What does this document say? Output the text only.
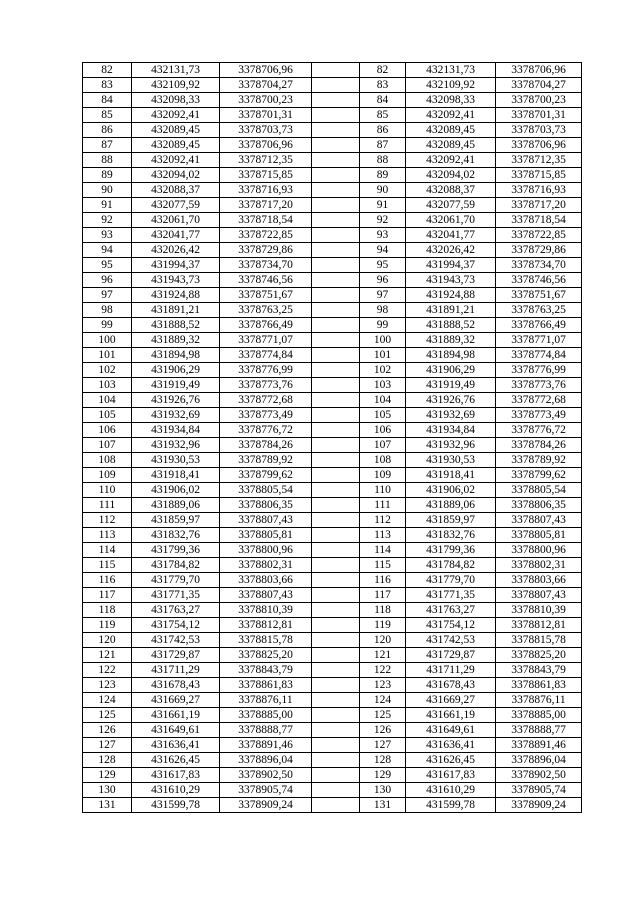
82	432131,73	3378706,96	
83	432109,92	3378704,27	
84	432098,33	3378700,23	
85	432092,41	3378701,31	
86	432089,45	3378703,73	
87	432089,45	3378706,96	
88	432092,41	3378712,35	
89	432094,02	3378715,85	
90	432088,37	3378716,93	
91	432077,59	3378717,20	
92	432061,70	3378718,54	
93	432041,77	3378722,85	
94	432026,42	3378729,86	
95	431994,37	3378734,70	
96	431943,73	3378746,56	
97	431924,88	3378751,67	
98	431891,21	3378763,25	
99	431888,52	3378766,49	
100	431889,32	3378771,07	
101	431894,98	3378774,84	
102	431906,29	3378776,99	
103	431919,49	3378773,76	
104	431926,76	3378772,68	
105	431932,69	3378773,49	
106	431934,84	3378776,72	
107	431932,96	3378784,26	
108	431930,53	3378789,92	
109	431918,41	3378799,62	
110	431906,02	3378805,54	
111	431889,06	3378806,35	
112	431859,97	3378807,43	
113	431832,76	3378805,81	
114	431799,36	3378800,96	
115	431784,82	3378802,31	
116	431779,70	3378803,66	
117	431771,35	3378807,43	
118	431763,27	3378810,39	
119	431754,12	3378812,81	
120	431742,53	3378815,78	
121	431729,87	3378825,20	
122	431711,29	3378843,79	
123	431678,43	3378861,83	
124	431669,27	3378876,11	
125	431661,19	3378885,00	
126	431649,61	3378888,77	
127	431636,41	3378891,46	
128	431626,45	3378896,04	
129	431617,83	3378902,50	
130	431610,29	3378905,74	
131	431599,78	3378909,24	
82	432131,73	3378706,96
83	432109,92	3378704,27
84	432098,33	3378700,23
85	432092,41	3378701,31
86	432089,45	3378703,73
87	432089,45	3378706,96
88	432092,41	3378712,35
89	432094,02	3378715,85
90	432088,37	3378716,93
91	432077,59	3378717,20
92	432061,70	3378718,54
93	432041,77	3378722,85
94	432026,42	3378729,86
95	431994,37	3378734,70
96	431943,73	3378746,56
97	431924,88	3378751,67
98	431891,21	3378763,25
99	431888,52	3378766,49
100	431889,32	3378771,07
101	431894,98	3378774,84
102	431906,29	3378776,99
103	431919,49	3378773,76
104	431926,76	3378772,68
105	431932,69	3378773,49
106	431934,84	3378776,72
107	431932,96	3378784,26
108	431930,53	3378789,92
109	431918,41	3378799,62
110	431906,02	3378805,54
111	431889,06	3378806,35
112	431859,97	3378807,43
113	431832,76	3378805,81
114	431799,36	3378800,96
115	431784,82	3378802,31
116	431779,70	3378803,66
117	431771,35	3378807,43
118	431763,27	3378810,39
119	431754,12	3378812,81
120	431742,53	3378815,78
121	431729,87	3378825,20
122	431711,29	3378843,79
123	431678,43	3378861,83
124	431669,27	3378876,11
125	431661,19	3378885,00
126	431649,61	3378888,77
127	431636,41	3378891,46
128	431626,45	3378896,04
129	431617,83	3378902,50
130	431610,29	3378905,74
131	431599,78	3378909,24
